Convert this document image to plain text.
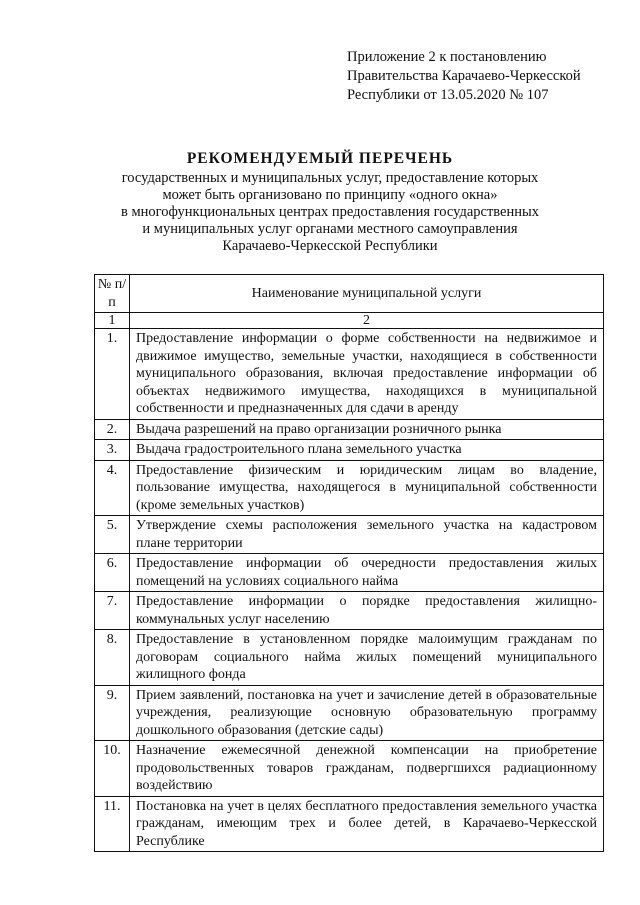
Приложение 2 к постановлению
Правительства Карачаево-Черкесской
Республики от 13.05.2020 № 107
РЕКОМЕНДУЕМЫЙ ПЕРЕЧЕНЬ
государственных и муниципальных услуг, предоставление которых
может быть организовано по принципу «одного окна»
в многофункциональных центрах предоставления государственных
и муниципальных услуг органами местного самоуправления
Карачаево-Черкесской Республики
№ п/п	Наименование муниципальной услуги
1	2
1.	Предоставление информации о форме собственности на недвижимое и движимое имущество, земельные участки, находящиеся в собственности муниципального образования, включая предоставление информации об объектах недвижимого имущества, находящихся в муниципальной собственности и предназначенных для сдачи в аренду
2.	Выдача разрешений на право организации розничного рынка
3.	Выдача градостроительного плана земельного участка
4.	Предоставление физическим и юридическим лицам во владение, пользование имущества, находящегося в муниципальной собственности (кроме земельных участков)
5.	Утверждение схемы расположения земельного участка на кадастровом плане территории
6.	Предоставление информации об очередности предоставления жилых помещений на условиях социального найма
7.	Предоставление информации о порядке предоставления жилищно-коммунальных услуг населению
8.	Предоставление в установленном порядке малоимущим гражданам по договорам социального найма жилых помещений муниципального жилищного фонда
9.	Прием заявлений, постановка на учет и зачисление детей в образовательные учреждения, реализующие основную образовательную программу дошкольного образования (детские сады)
10.	Назначение ежемесячной денежной компенсации на приобретение продовольственных товаров гражданам, подвергшихся радиационному воздействию
11.	Постановка на учет в целях бесплатного предоставления земельного участка гражданам, имеющим трех и более детей, в Карачаево-Черкесской Республике
